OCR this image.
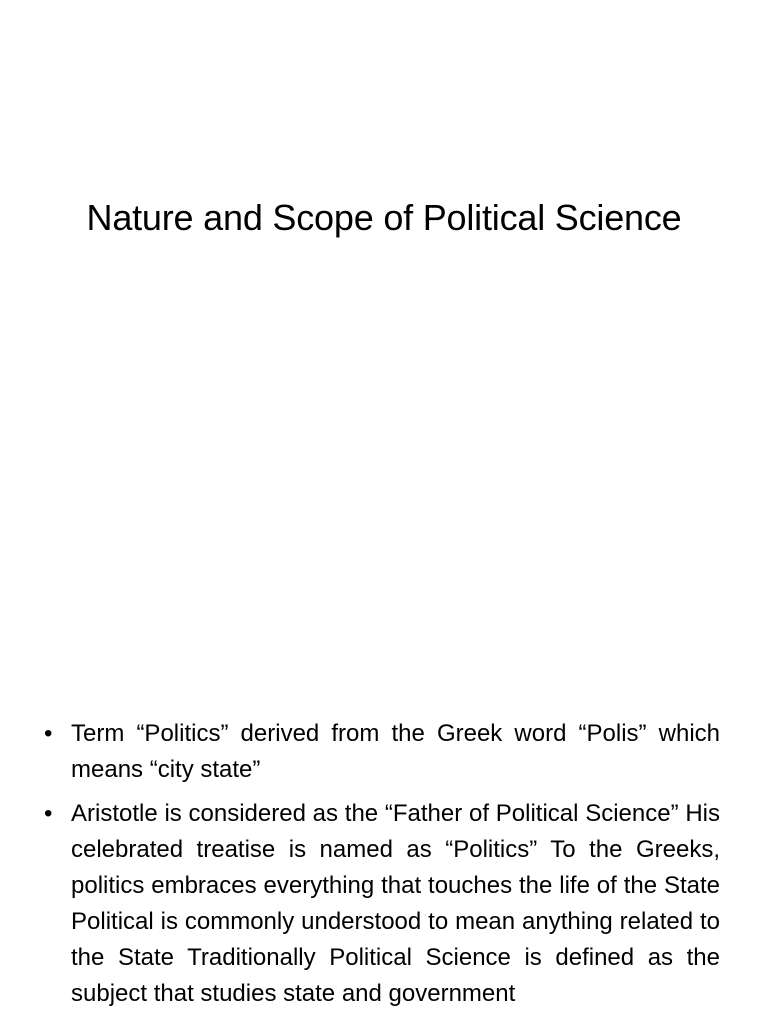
Nature and Scope of Political Science
• Term “Politics” derived from the Greek word “Polis” which means “city state”
• Aristotle is considered as the “Father of Political Science” His celebrated treatise is named as “Politics” To the Greeks, politics embraces everything that touches the life of the State Political is commonly understood to mean anything related to the State Traditionally Political Science is defined as the subject that studies state and government
